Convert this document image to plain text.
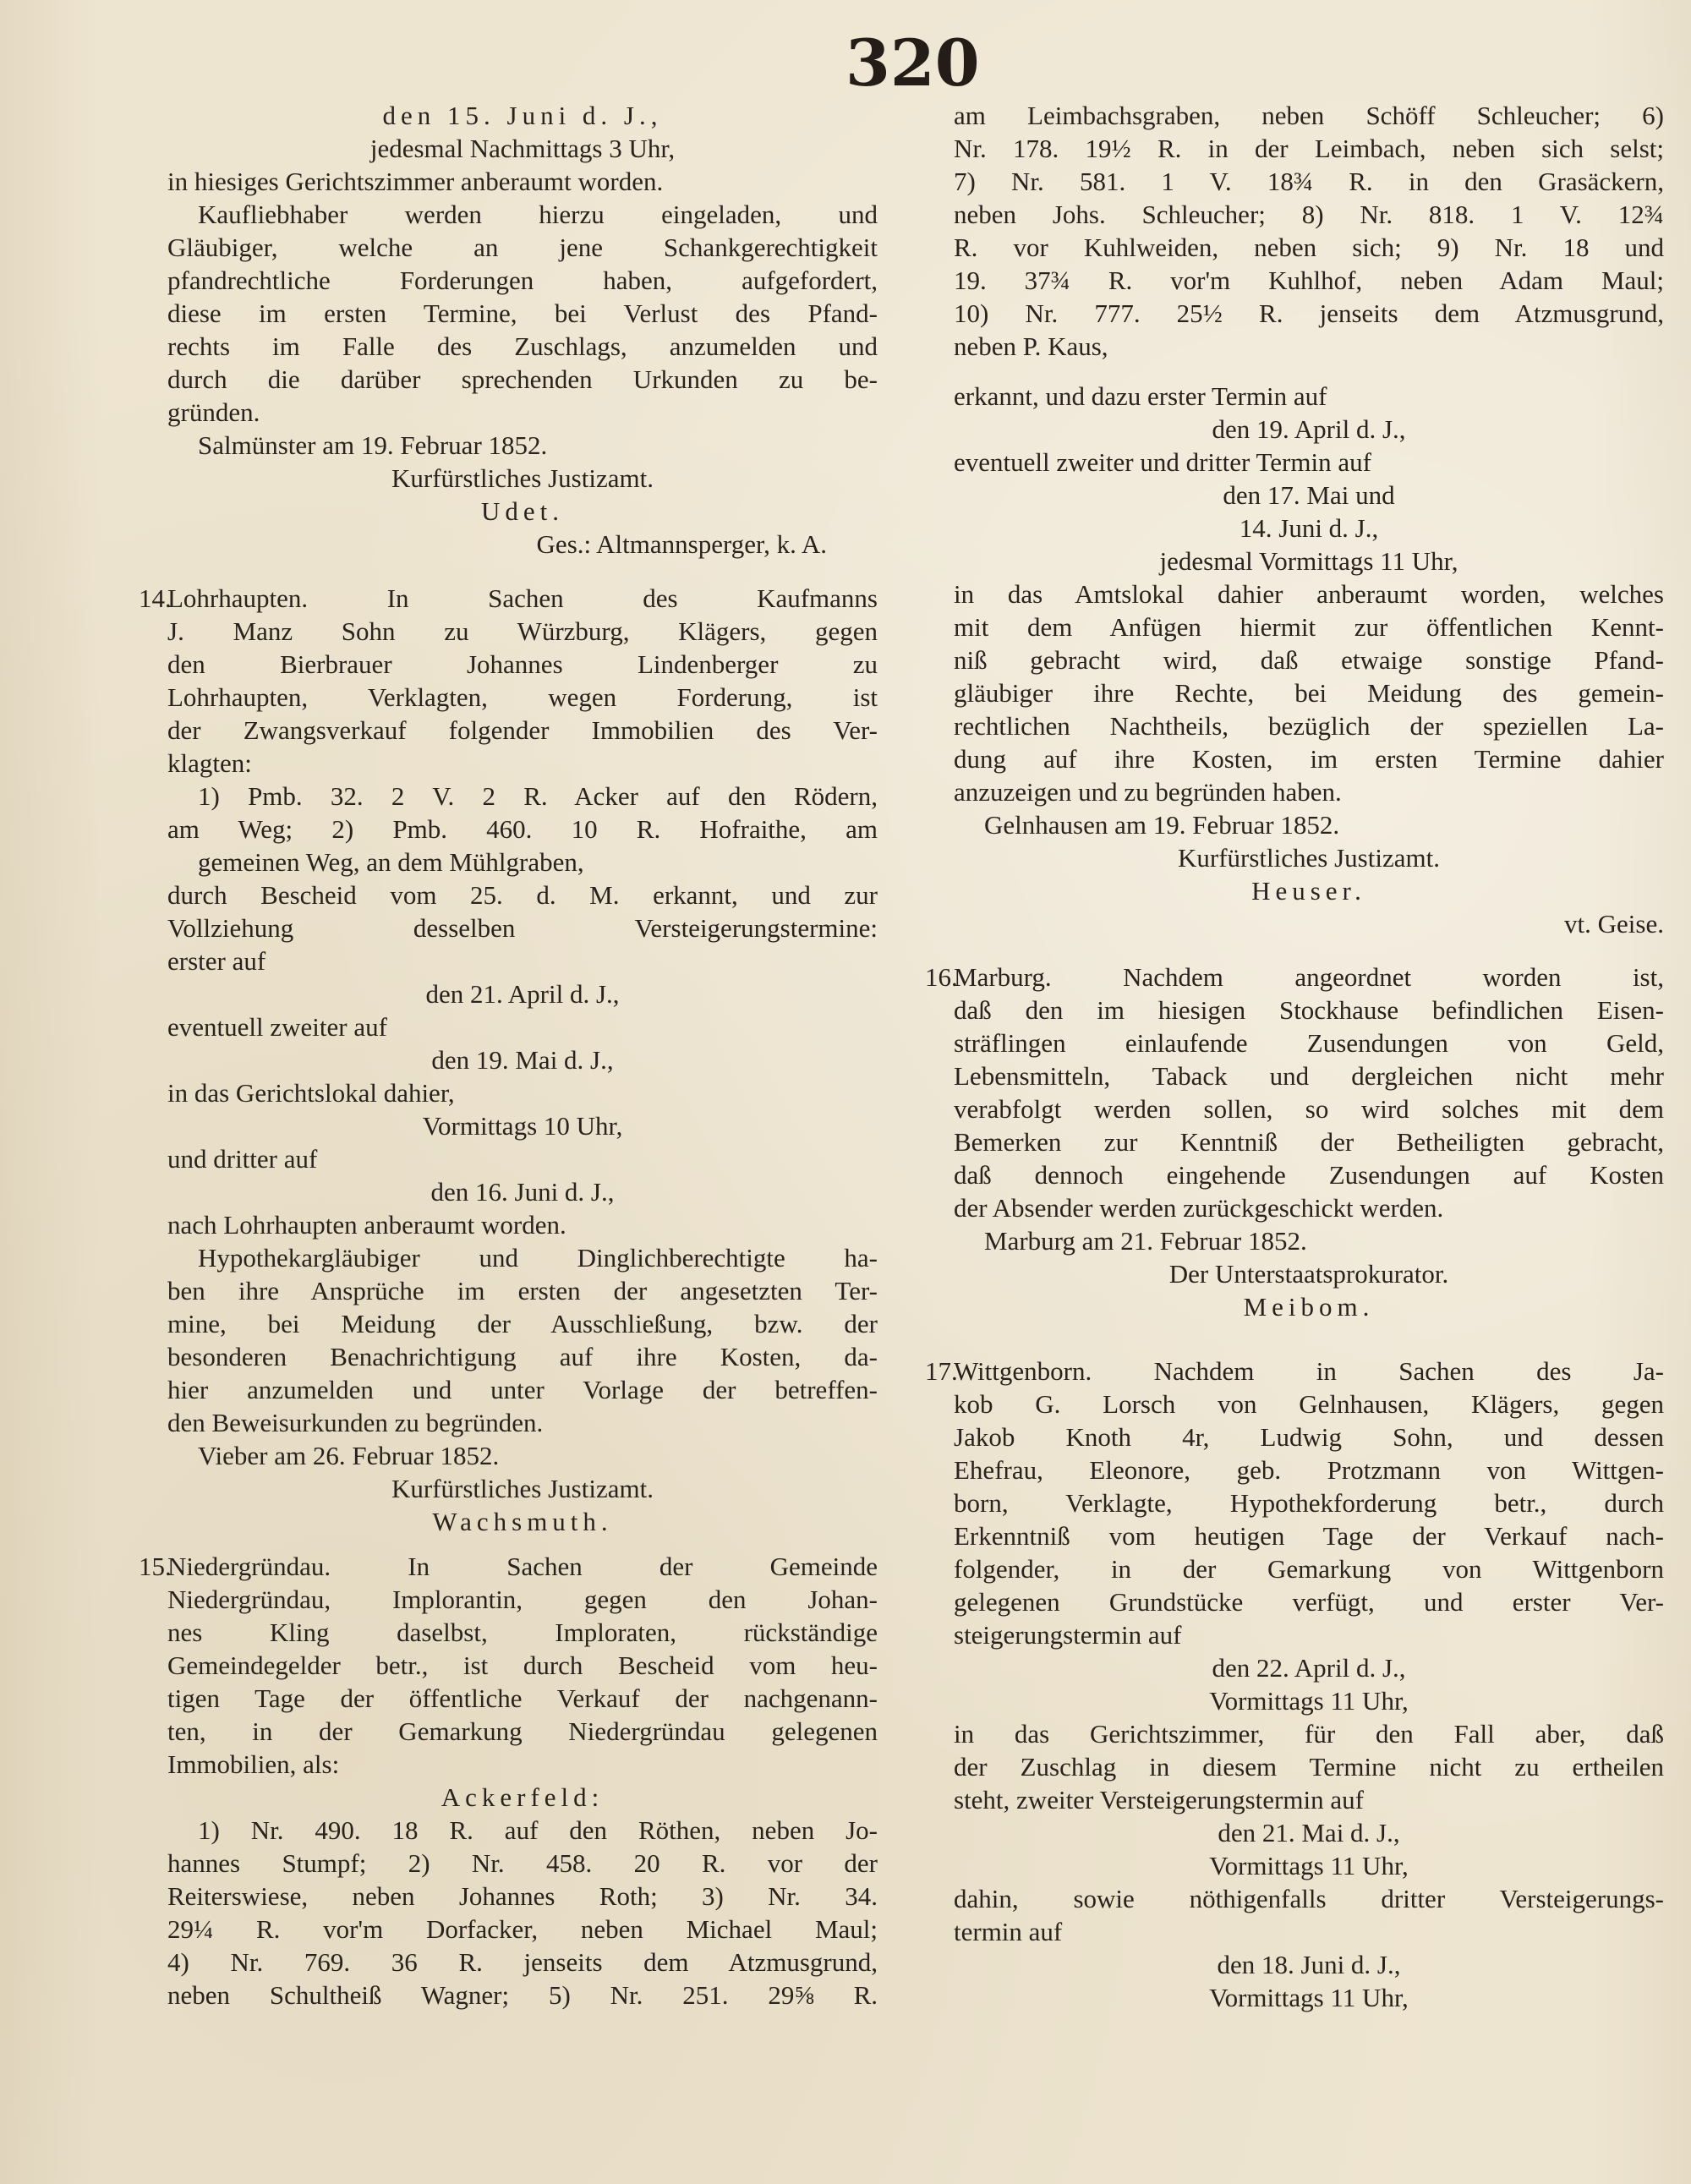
320
den 15. Juni d. J.,
jedesmal Nachmittags 3 Uhr,
in hiesiges Gerichtszimmer anberaumt worden.
Kaufliebhaber werden hierzu eingeladen, und
Gläubiger, welche an jene Schankgerechtigkeit
pfandrechtliche Forderungen haben, aufgefordert,
diese im ersten Termine, bei Verlust des Pfand-
rechts im Falle des Zuschlags, anzumelden und
durch die darüber sprechenden Urkunden zu be-
gründen.
Salmünster am 19. Februar 1852.
Kurfürstliches Justizamt.
Udet.
Ges.: Altmannsperger, k. A.
14.
Lohrhaupten. In Sachen des Kaufmanns
J. Manz Sohn zu Würzburg, Klägers, gegen
den Bierbrauer Johannes Lindenberger zu
Lohrhaupten, Verklagten, wegen Forderung, ist
der Zwangsverkauf folgender Immobilien des Ver-
klagten:
1) Pmb. 32. 2 V. 2 R. Acker auf den Rödern,
am Weg; 2) Pmb. 460. 10 R. Hofraithe, am
gemeinen Weg, an dem Mühlgraben,
durch Bescheid vom 25. d. M. erkannt, und zur
Vollziehung desselben Versteigerungstermine:
erster auf
den 21. April d. J.,
eventuell zweiter auf
den 19. Mai d. J.,
in das Gerichtslokal dahier,
Vormittags 10 Uhr,
und dritter auf
den 16. Juni d. J.,
nach Lohrhaupten anberaumt worden.
Hypothekargläubiger und Dinglichberechtigte ha-
ben ihre Ansprüche im ersten der angesetzten Ter-
mine, bei Meidung der Ausschließung, bzw. der
besonderen Benachrichtigung auf ihre Kosten, da-
hier anzumelden und unter Vorlage der betreffen-
den Beweisurkunden zu begründen.
Vieber am 26. Februar 1852.
Kurfürstliches Justizamt.
Wachsmuth.
15.
Niedergründau. In Sachen der Gemeinde
Niedergründau, Implorantin, gegen den Johan-
nes Kling daselbst, Imploraten, rückständige
Gemeindegelder betr., ist durch Bescheid vom heu-
tigen Tage der öffentliche Verkauf der nachgenann-
ten, in der Gemarkung Niedergründau gelegenen
Immobilien, als:
Ackerfeld:
1) Nr. 490. 18 R. auf den Röthen, neben Jo-
hannes Stumpf; 2) Nr. 458. 20 R. vor der
Reiterswiese, neben Johannes Roth; 3) Nr. 34.
29¼ R. vor'm Dorfacker, neben Michael Maul;
4) Nr. 769. 36 R. jenseits dem Atzmusgrund,
neben Schultheiß Wagner; 5) Nr. 251. 29⅝ R.
am Leimbachsgraben, neben Schöff Schleucher; 6)
Nr. 178. 19½ R. in der Leimbach, neben sich selst;
7) Nr. 581. 1 V. 18¾ R. in den Grasäckern,
neben Johs. Schleucher; 8) Nr. 818. 1 V. 12¾
R. vor Kuhlweiden, neben sich; 9) Nr. 18 und
19. 37¾ R. vor'm Kuhlhof, neben Adam Maul;
10) Nr. 777. 25½ R. jenseits dem Atzmusgrund,
neben P. Kaus,
erkannt, und dazu erster Termin auf
den 19. April d. J.,
eventuell zweiter und dritter Termin auf
den 17. Mai und
14. Juni d. J.,
jedesmal Vormittags 11 Uhr,
in das Amtslokal dahier anberaumt worden, welches
mit dem Anfügen hiermit zur öffentlichen Kennt-
niß gebracht wird, daß etwaige sonstige Pfand-
gläubiger ihre Rechte, bei Meidung des gemein-
rechtlichen Nachtheils, bezüglich der speziellen La-
dung auf ihre Kosten, im ersten Termine dahier
anzuzeigen und zu begründen haben.
Gelnhausen am 19. Februar 1852.
Kurfürstliches Justizamt.
Heuser.
vt. Geise.
16.
Marburg. Nachdem angeordnet worden ist,
daß den im hiesigen Stockhause befindlichen Eisen-
sträflingen einlaufende Zusendungen von Geld,
Lebensmitteln, Taback und dergleichen nicht mehr
verabfolgt werden sollen, so wird solches mit dem
Bemerken zur Kenntniß der Betheiligten gebracht,
daß dennoch eingehende Zusendungen auf Kosten
der Absender werden zurückgeschickt werden.
Marburg am 21. Februar 1852.
Der Unterstaatsprokurator.
Meibom.
17.
Wittgenborn. Nachdem in Sachen des Ja-
kob G. Lorsch von Gelnhausen, Klägers, gegen
Jakob Knoth 4r, Ludwig Sohn, und dessen
Ehefrau, Eleonore, geb. Protzmann von Wittgen-
born, Verklagte, Hypothekforderung betr., durch
Erkenntniß vom heutigen Tage der Verkauf nach-
folgender, in der Gemarkung von Wittgenborn
gelegenen Grundstücke verfügt, und erster Ver-
steigerungstermin auf
den 22. April d. J.,
Vormittags 11 Uhr,
in das Gerichtszimmer, für den Fall aber, daß
der Zuschlag in diesem Termine nicht zu ertheilen
steht, zweiter Versteigerungstermin auf
den 21. Mai d. J.,
Vormittags 11 Uhr,
dahin, sowie nöthigenfalls dritter Versteigerungs-
termin auf
den 18. Juni d. J.,
Vormittags 11 Uhr,
